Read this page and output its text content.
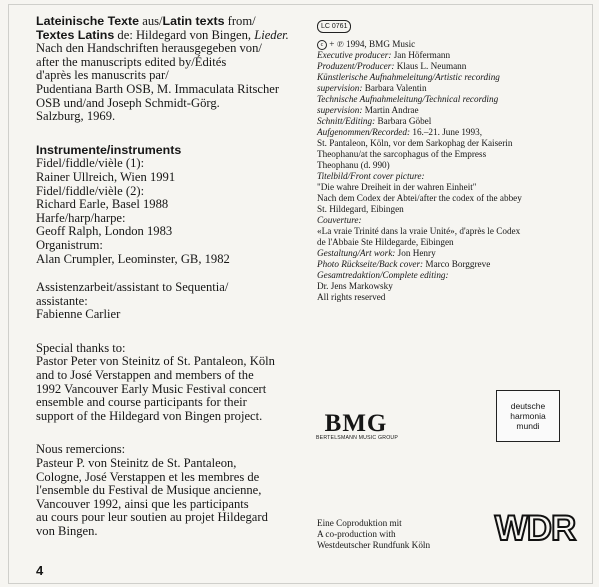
Lateinische Texte aus/Latin texts from/
Textes Latins de: Hildegard von Bingen, Lieder.
Nach den Handschriften herausgegeben von/
after the manuscripts edited by/Édités
d'après les manuscrits par/
Pudentiana Barth OSB, M. Immaculata Ritscher
OSB und/and Joseph Schmidt-Görg.
Salzburg, 1969.
Instrumente/instruments
Fidel/fiddle/vièle (1):
Rainer Ullreich, Wien 1991
Fidel/fiddle/vièle (2):
Richard Earle, Basel 1988
Harfe/harp/harpe:
Geoff Ralph, London 1983
Organistrum:
Alan Crumpler, Leominster, GB, 1982
Assistenzarbeit/assistant to Sequentia/
assistante:
Fabienne Carlier
Special thanks to:
Pastor Peter von Steinitz of St. Pantaleon, Köln
and to José Verstappen and members of the
1992 Vancouver Early Music Festival concert
ensemble and course participants for their
support of the Hildegard von Bingen project.
Nous remercions:
Pasteur P. von Steinitz de St. Pantaleon,
Cologne, José Verstappen et les membres de
l'ensemble du Festival de Musique ancienne,
Vancouver 1992, ainsi que les participants
au cours pour leur soutien au projet Hildegard
von Bingen.
LC 0761
c + ℗ 1994, BMG Music
Executive producer: Jan Höfermann
Produzent/Producer: Klaus L. Neumann
Künstlerische Aufnahmeleitung/Artistic recording
supervision: Barbara Valentin
Technische Aufnahmeleitung/Technical recording
supervision: Martin Andrae
Schnitt/Editing: Barbara Göbel
Aufgenommen/Recorded: 16.–21. June 1993,
St. Pantaleon, Köln, vor dem Sarkophag der Kaiserin
Theophanu/at the sarcophagus of the Empress
Theophanu (d. 990)
Titelbild/Front cover picture:
"Die wahre Dreiheit in der wahren Einheit"
Nach dem Codex der Abtei/after the codex of the abbey
St. Hildegard, Eibingen
Couverture:
«La vraie Trinité dans la vraie Unité», d'après le Codex
de l'Abbaie Ste Hildegarde, Eibingen
Gestaltung/Art work: Jon Henry
Photo Rückseite/Back cover: Marco Borggreve
Gesamtredaktion/Complete editing:
Dr. Jens Markowsky
All rights reserved
BMG
BERTELSMANN MUSIC GROUP
deutsche
harmonia
mundi
Eine Coproduktion mit
A co-production with
Westdeutscher Rundfunk Köln WDR
4
